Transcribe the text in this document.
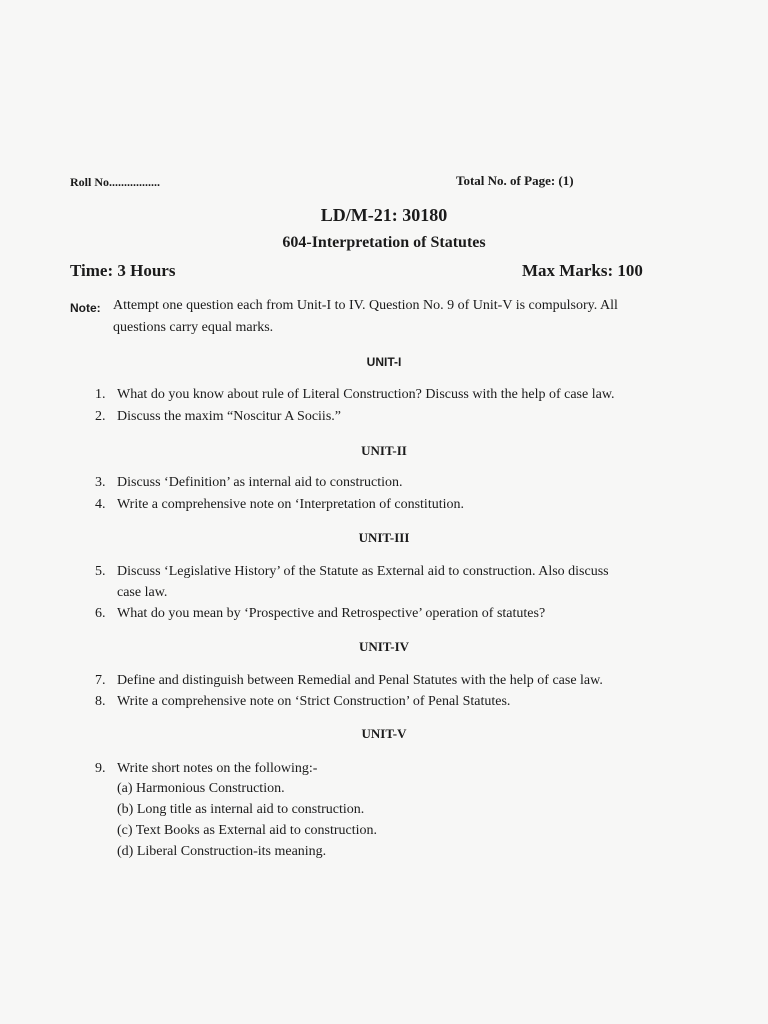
Roll No.................	Total No. of Page: (1)
LD/M-21: 30180
604-Interpretation of Statutes
Time: 3 Hours	Max Marks: 100
Note: Attempt one question each from Unit-I to IV. Question No. 9 of Unit-V is compulsory. All
questions carry equal marks.
UNIT-I
1. What do you know about rule of Literal Construction? Discuss with the help of case law.
2. Discuss the maxim “Noscitur A Sociis.”
UNIT-II
3. Discuss ‘Definition’ as internal aid to construction.
4. Write a comprehensive note on ‘Interpretation of constitution.
UNIT-III
5. Discuss ‘Legislative History’ of the Statute as External aid to construction. Also discuss
case law.
6. What do you mean by ‘Prospective and Retrospective’ operation of statutes?
UNIT-IV
7. Define and distinguish between Remedial and Penal Statutes with the help of case law.
8. Write a comprehensive note on ‘Strict Construction’ of Penal Statutes.
UNIT-V
9. Write short notes on the following:-
(a) Harmonious Construction.
(b) Long title as internal aid to construction.
(c) Text Books as External aid to construction.
(d) Liberal Construction-its meaning.
